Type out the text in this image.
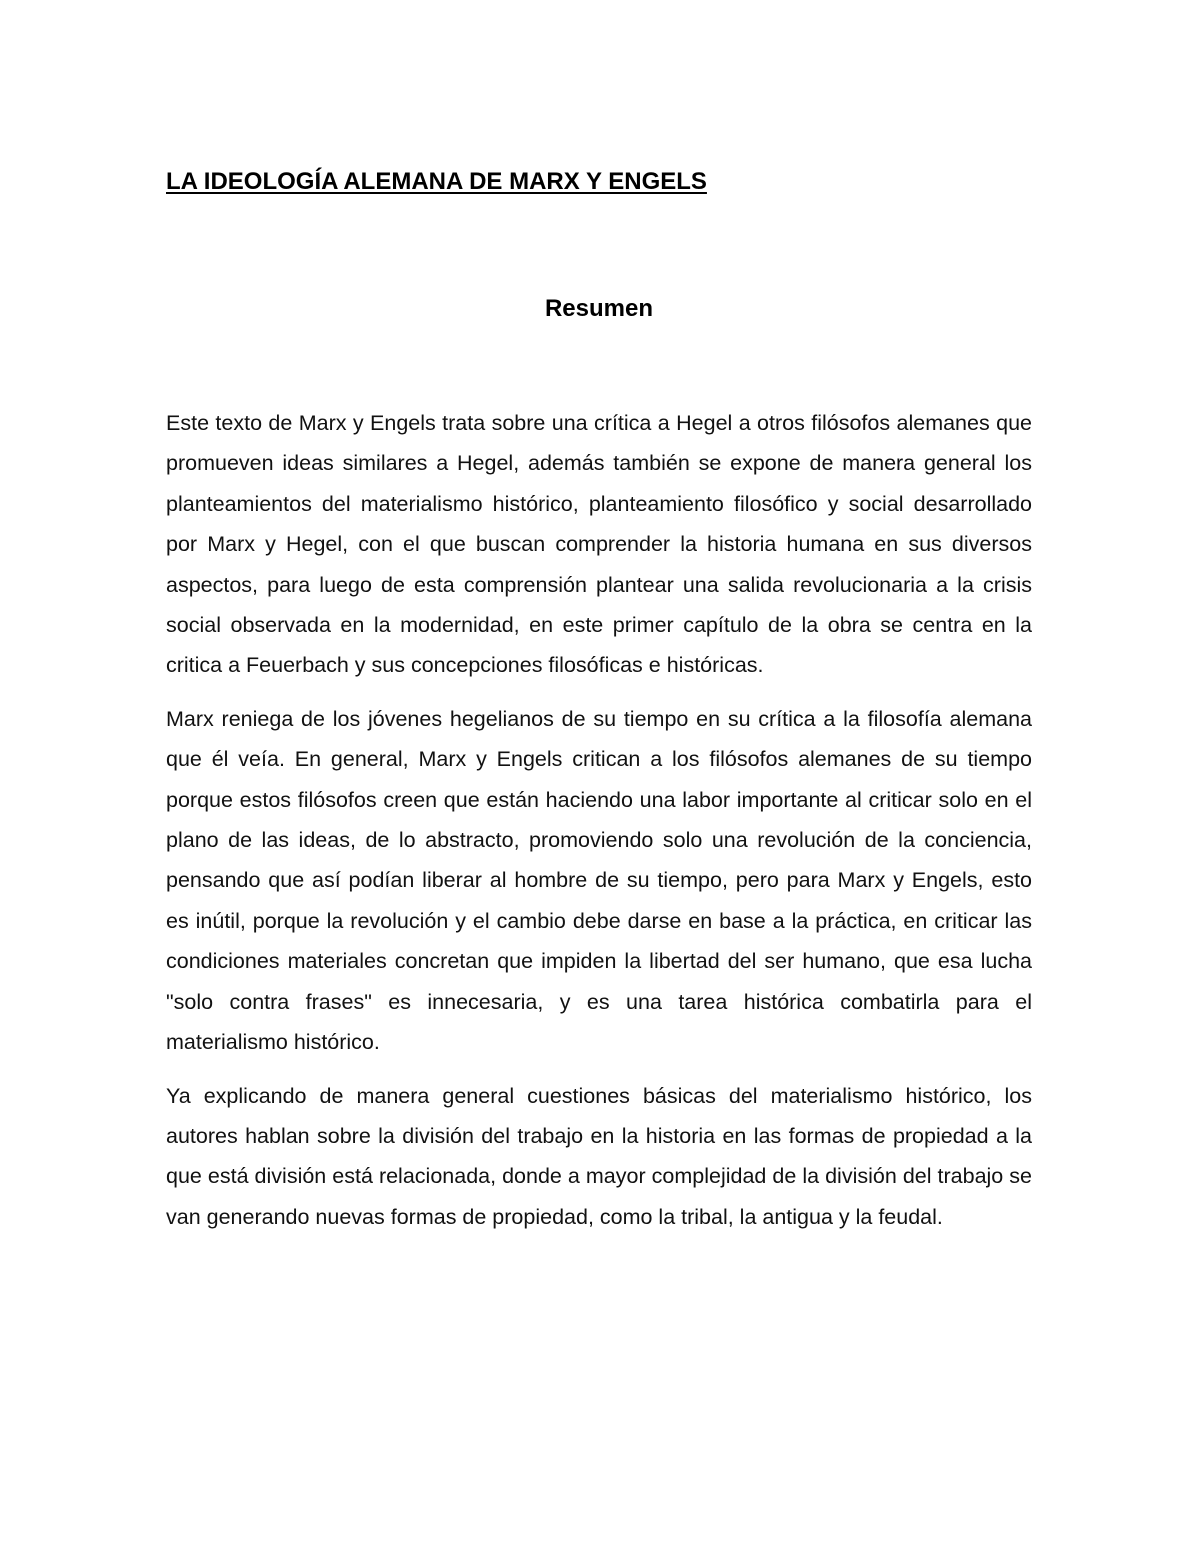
LA IDEOLOGÍA ALEMANA DE MARX Y ENGELS
Resumen

Este texto de Marx y Engels trata sobre una crítica a Hegel a otros filósofos alemanes que promueven ideas similares a Hegel, además también se expone de manera general los planteamientos del materialismo histórico, planteamiento filosófico y social desarrollado por Marx y Hegel, con el que buscan comprender la historia humana en sus diversos aspectos, para luego de esta comprensión plantear una salida revolucionaria a la crisis social observada en la modernidad, en este primer capítulo de la obra se centra en la critica a Feuerbach y sus concepciones filosóficas e históricas.

Marx reniega de los jóvenes hegelianos de su tiempo en su crítica a la filosofía alemana que él veía. En general, Marx y Engels critican a los filósofos alemanes de su tiempo porque estos filósofos creen que están haciendo una labor importante al criticar solo en el plano de las ideas, de lo abstracto, promoviendo solo una revolución de la conciencia, pensando que así podían liberar al hombre de su tiempo, pero para Marx y Engels, esto es inútil, porque la revolución y el cambio debe darse en base a la práctica, en criticar las condiciones materiales concretan que impiden la libertad del ser humano, que esa lucha "solo contra frases" es innecesaria, y es una tarea histórica combatirla para el materialismo histórico.

Ya explicando de manera general cuestiones básicas del materialismo histórico, los autores hablan sobre la división del trabajo en la historia en las formas de propiedad a la que está división está relacionada, donde a mayor complejidad de la división del trabajo se van generando nuevas formas de propiedad, como la tribal, la antigua y la feudal.
